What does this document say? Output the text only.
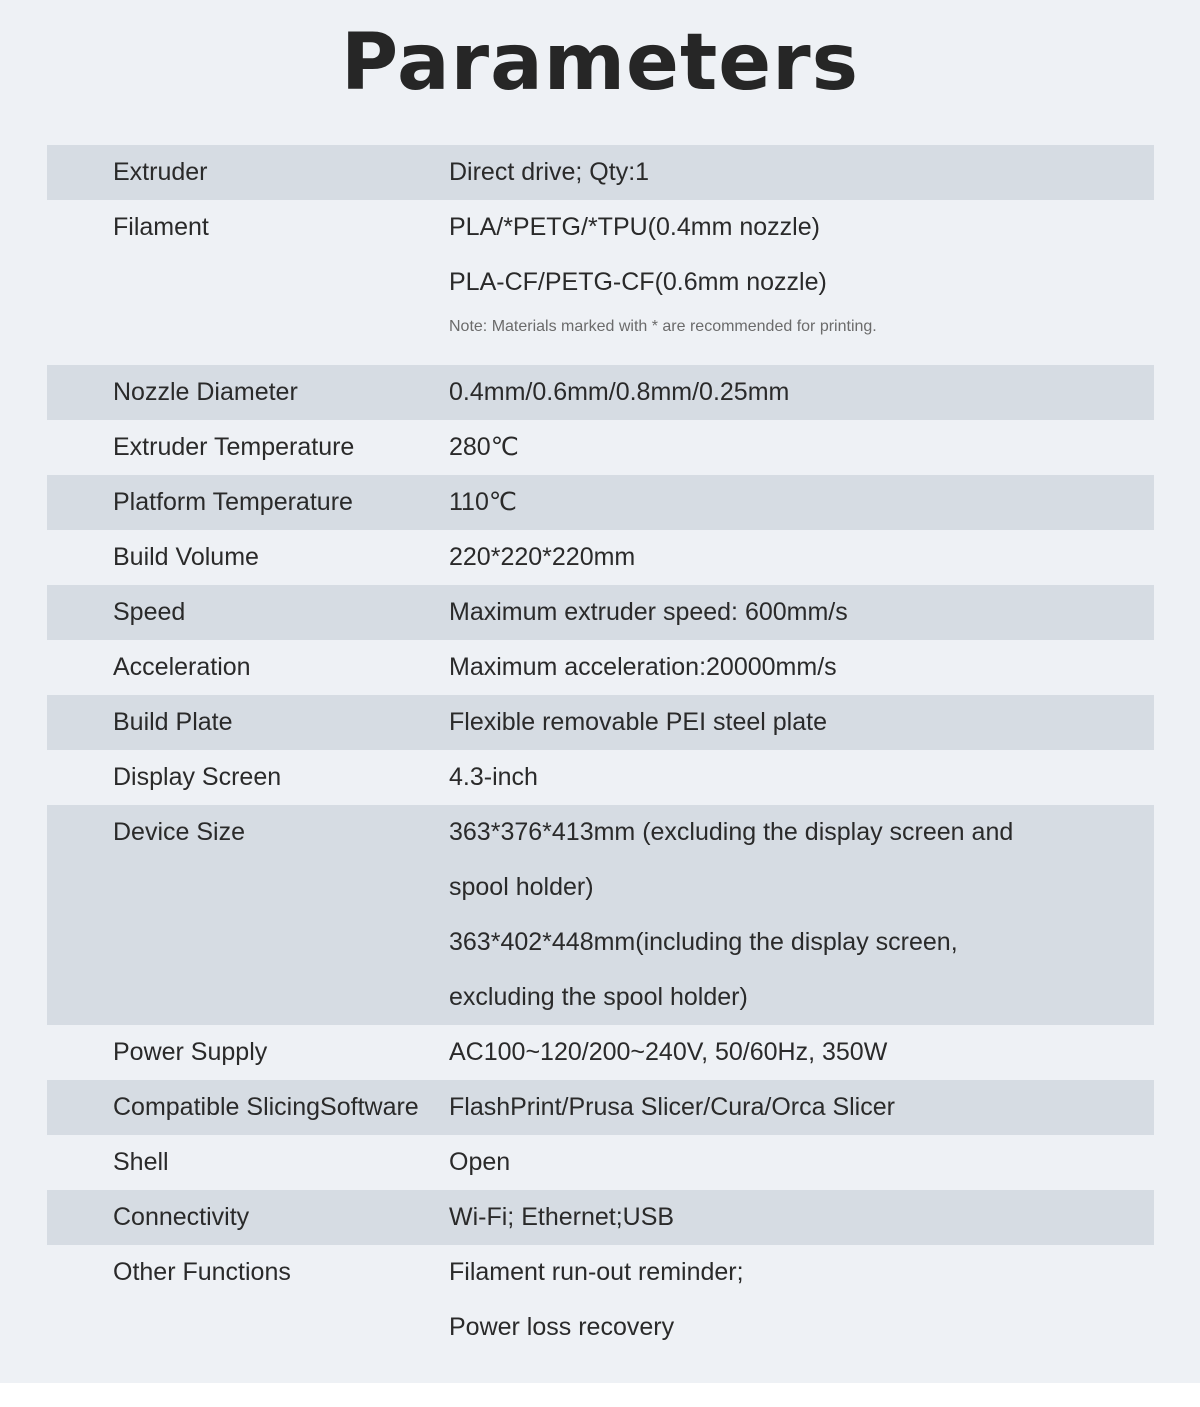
Parameters
Extruder	Direct drive; Qty:1
Filament	PLA/*PETG/*TPU(0.4mm nozzle)
PLA-CF/PETG-CF(0.6mm nozzle)
Note: Materials marked with * are recommended for printing.
Nozzle Diameter	0.4mm/0.6mm/0.8mm/0.25mm
Extruder Temperature	280℃
Platform Temperature	110℃
Build Volume	220*220*220mm
Speed	Maximum extruder speed: 600mm/s
Acceleration	Maximum acceleration:20000mm/s
Build Plate	Flexible removable PEI steel plate
Display Screen	4.3-inch
Device Size	363*376*413mm (excluding the display screen and
spool holder)
363*402*448mm(including the display screen,
excluding the spool holder)
Power Supply	AC100~120/200~240V, 50/60Hz, 350W
Compatible SlicingSoftware	FlashPrint/Prusa Slicer/Cura/Orca Slicer
Shell	Open
Connectivity	Wi-Fi; Ethernet;USB
Other Functions	Filament run-out reminder;
Power loss recovery
